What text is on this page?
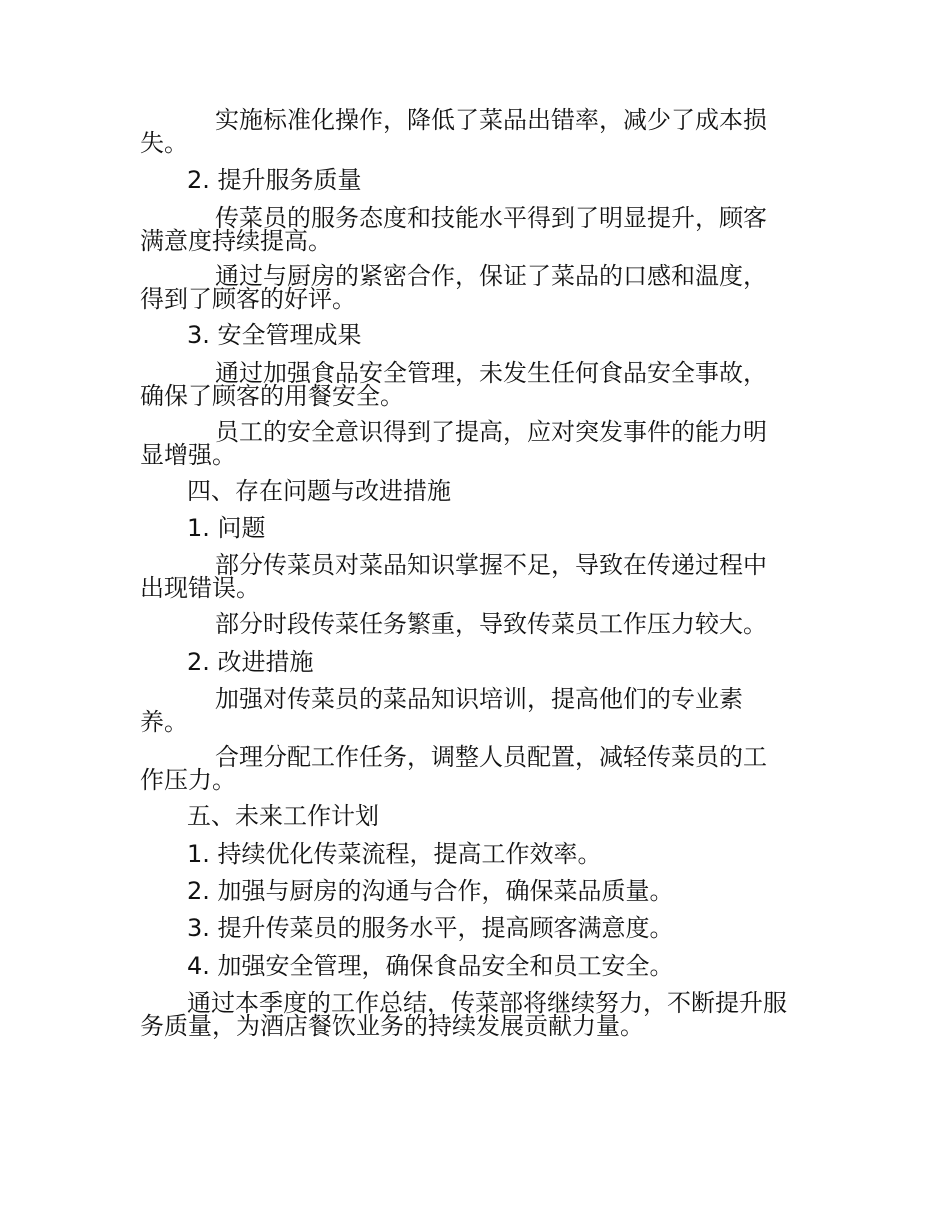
实施标准化操作，降低了菜品出错率，减少了成本损
失。
2. 提升服务质量
传菜员的服务态度和技能水平得到了明显提升，顾客
满意度持续提高。
通过与厨房的紧密合作，保证了菜品的口感和温度，
得到了顾客的好评。
3. 安全管理成果
通过加强食品安全管理，未发生任何食品安全事故，
确保了顾客的用餐安全。
员工的安全意识得到了提高，应对突发事件的能力明
显增强。
四、存在问题与改进措施
1. 问题
部分传菜员对菜品知识掌握不足，导致在传递过程中
出现错误。
部分时段传菜任务繁重，导致传菜员工作压力较大。
2. 改进措施
加强对传菜员的菜品知识培训，提高他们的专业素
养。
合理分配工作任务，调整人员配置，减轻传菜员的工
作压力。
五、未来工作计划
1. 持续优化传菜流程，提高工作效率。
2. 加强与厨房的沟通与合作，确保菜品质量。
3. 提升传菜员的服务水平，提高顾客满意度。
4. 加强安全管理，确保食品安全和员工安全。
通过本季度的工作总结，传菜部将继续努力，不断提升服
务质量，为酒店餐饮业务的持续发展贡献力量。
